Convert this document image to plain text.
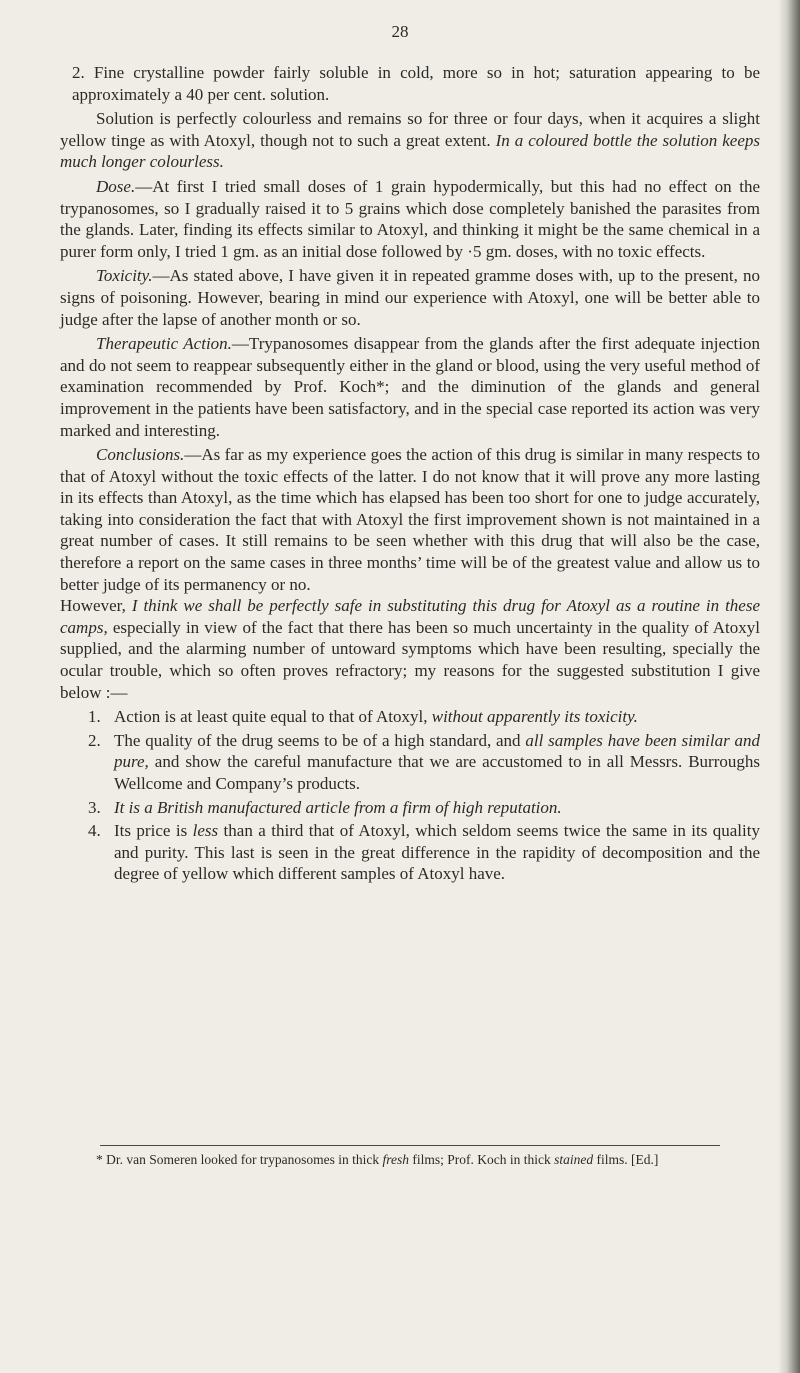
28

2. Fine crystalline powder fairly soluble in cold, more so in hot; saturation appearing to be approximately a 40 per cent. solution.

Solution is perfectly colourless and remains so for three or four days, when it acquires a slight yellow tinge as with Atoxyl, though not to such a great extent. In a coloured bottle the solution keeps much longer colourless.

Dose.—At first I tried small doses of 1 grain hypodermically, but this had no effect on the trypanosomes, so I gradually raised it to 5 grains which dose completely banished the parasites from the glands. Later, finding its effects similar to Atoxyl, and thinking it might be the same chemical in a purer form only, I tried 1 gm. as an initial dose followed by ·5 gm. doses, with no toxic effects.

Toxicity.—As stated above, I have given it in repeated gramme doses with, up to the present, no signs of poisoning. However, bearing in mind our experience with Atoxyl, one will be better able to judge after the lapse of another month or so.

Therapeutic Action.—Trypanosomes disappear from the glands after the first adequate injection and do not seem to reappear subsequently either in the gland or blood, using the very useful method of examination recommended by Prof. Koch*; and the diminution of the glands and general improvement in the patients have been satisfactory, and in the special case reported its action was very marked and interesting.

Conclusions.—As far as my experience goes the action of this drug is similar in many respects to that of Atoxyl without the toxic effects of the latter. I do not know that it will prove any more lasting in its effects than Atoxyl, as the time which has elapsed has been too short for one to judge accurately, taking into consideration the fact that with Atoxyl the first improvement shown is not maintained in a great number of cases. It still remains to be seen whether with this drug that will also be the case, therefore a report on the same cases in three months’ time will be of the greatest value and allow us to better judge of its permanency or no.

However, I think we shall be perfectly safe in substituting this drug for Atoxyl as a routine in these camps, especially in view of the fact that there has been so much uncertainty in the quality of Atoxyl supplied, and the alarming number of untoward symptoms which have been resulting, specially the ocular trouble, which so often proves refractory; my reasons for the suggested substitution I give below :—

1. Action is at least quite equal to that of Atoxyl, without apparently its toxicity.
2. The quality of the drug seems to be of a high standard, and all samples have been similar and pure, and show the careful manufacture that we are accustomed to in all Messrs. Burroughs Wellcome and Company’s products.
3. It is a British manufactured article from a firm of high reputation.
4. Its price is less than a third that of Atoxyl, which seldom seems twice the same in its quality and purity. This last is seen in the great difference in the rapidity of decomposition and the degree of yellow which different samples of Atoxyl have.

* Dr. van Someren looked for trypanosomes in thick fresh films; Prof. Koch in thick stained films. [Ed.]
